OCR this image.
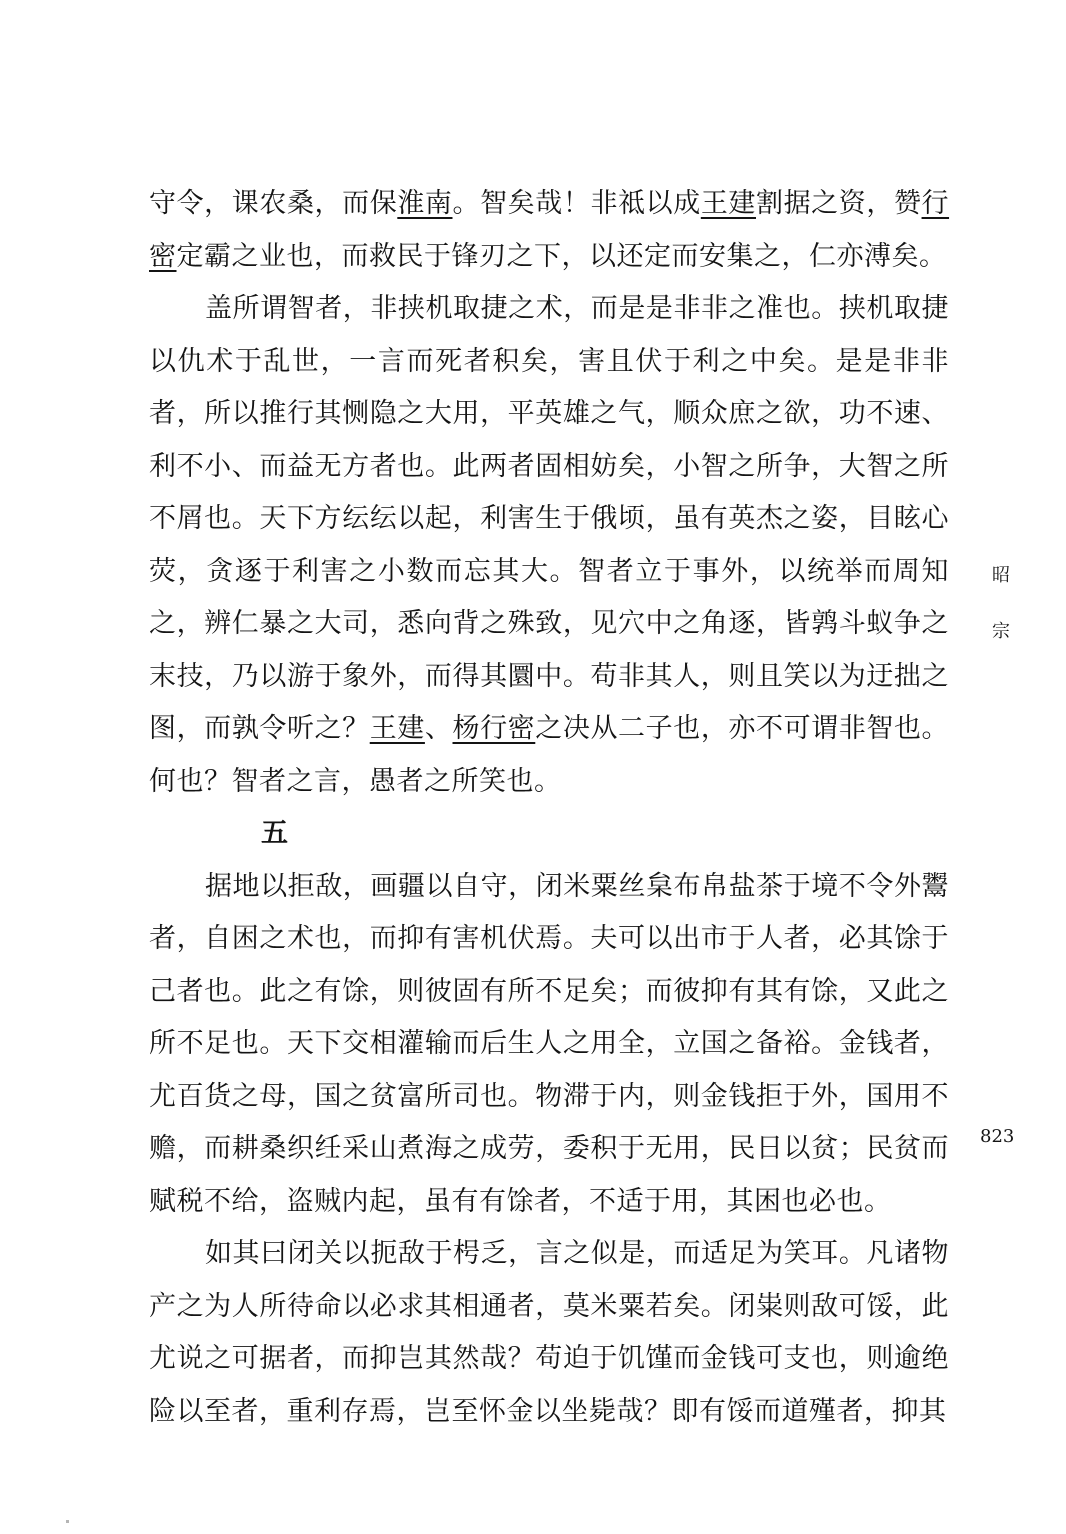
守令，课农桑，而保淮南。智矣哉！非祗以成王建割据之资，赞行密定霸之业也，而救民于锋刃之下，以还定而安集之，仁亦溥矣。

盖所谓智者，非挟机取捷之术，而是是非非之准也。挟机取捷以仇术于乱世，一言而死者积矣，害且伏于利之中矣。是是非非者，所以推行其恻隐之大用，平英雄之气，顺众庶之欲，功不速、利不小、而益无方者也。此两者固相妨矣，小智之所争，大智之所不屑也。天下方纭纭以起，利害生于俄顷，虽有英杰之姿，目眩心荧，贪逐于利害之小数而忘其大。智者立于事外，以统举而周知之，辨仁暴之大司，悉向背之殊致，见穴中之角逐，皆鹑斗蚁争之末技，乃以游于象外，而得其圜中。苟非其人，则且笑以为迂拙之图，而孰令听之？王建、杨行密之决从二子也，亦不可谓非智也。何也？智者之言，愚者之所笑也。

五

据地以拒敌，画疆以自守，闭米粟丝枲布帛盐茶于境不令外鬻者，自困之术也，而抑有害机伏焉。夫可以出市于人者，必其馀于己者也。此之有馀，则彼固有所不足矣；而彼抑有其有馀，又此之所不足也。天下交相灌输而后生人之用全，立国之备裕。金钱者，尤百货之母，国之贫富所司也。物滞于内，则金钱拒于外，国用不赡，而耕桑织纴采山煮海之成劳，委积于无用，民日以贫；民贫而赋税不给，盗贼内起，虽有有馀者，不适于用，其困也必也。

如其曰闭关以扼敌于枵乏，言之似是，而适足为笑耳。凡诸物产之为人所待命以必求其相通者，莫米粟若矣。闭粜则敌可馁，此尤说之可据者，而抑岂其然哉？苟迫于饥馑而金钱可支也，则逾绝险以至者，重利存焉，岂至怀金以坐毙哉？即有馁而道殣者，抑其

昭
宗
823
